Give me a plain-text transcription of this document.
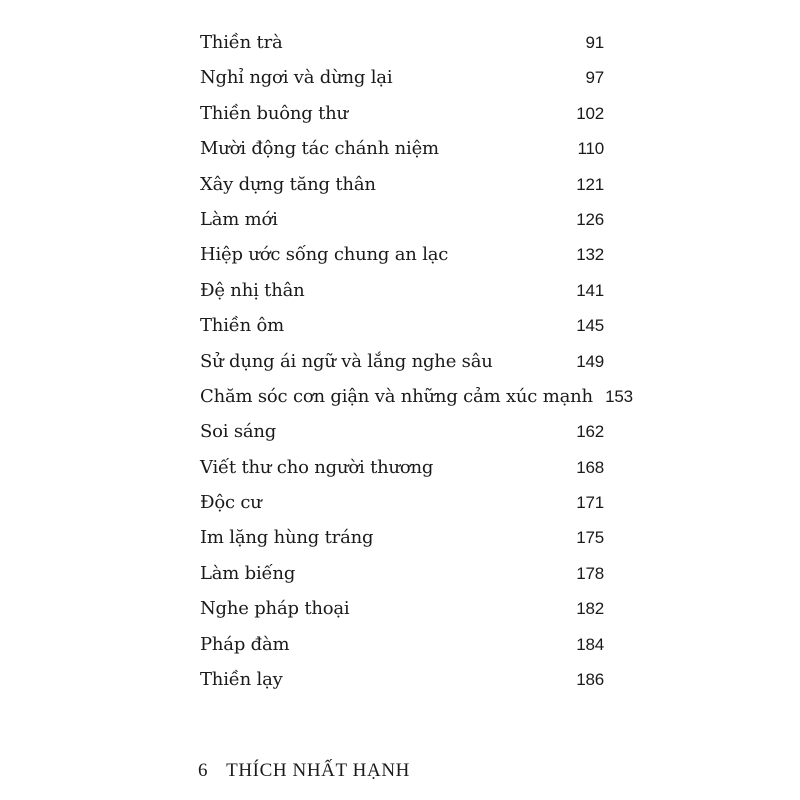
Thiền trà	91
Nghỉ ngơi và dừng lại	97
Thiền buông thư	102
Mười động tác chánh niệm	110
Xây dựng tăng thân	121
Làm mới	126
Hiệp ước sống chung an lạc	132
Đệ nhị thân	141
Thiền ôm	145
Sử dụng ái ngữ và lắng nghe sâu	149
Chăm sóc cơn giận và những cảm xúc mạnh 153
Soi sáng	162
Viết thư cho người thương	168
Độc cư	171
Im lặng hùng tráng	175
Làm biếng	178
Nghe pháp thoại	182
Pháp đàm	184
Thiền lạy	186
6 THÍCH NHẤT HẠNH
